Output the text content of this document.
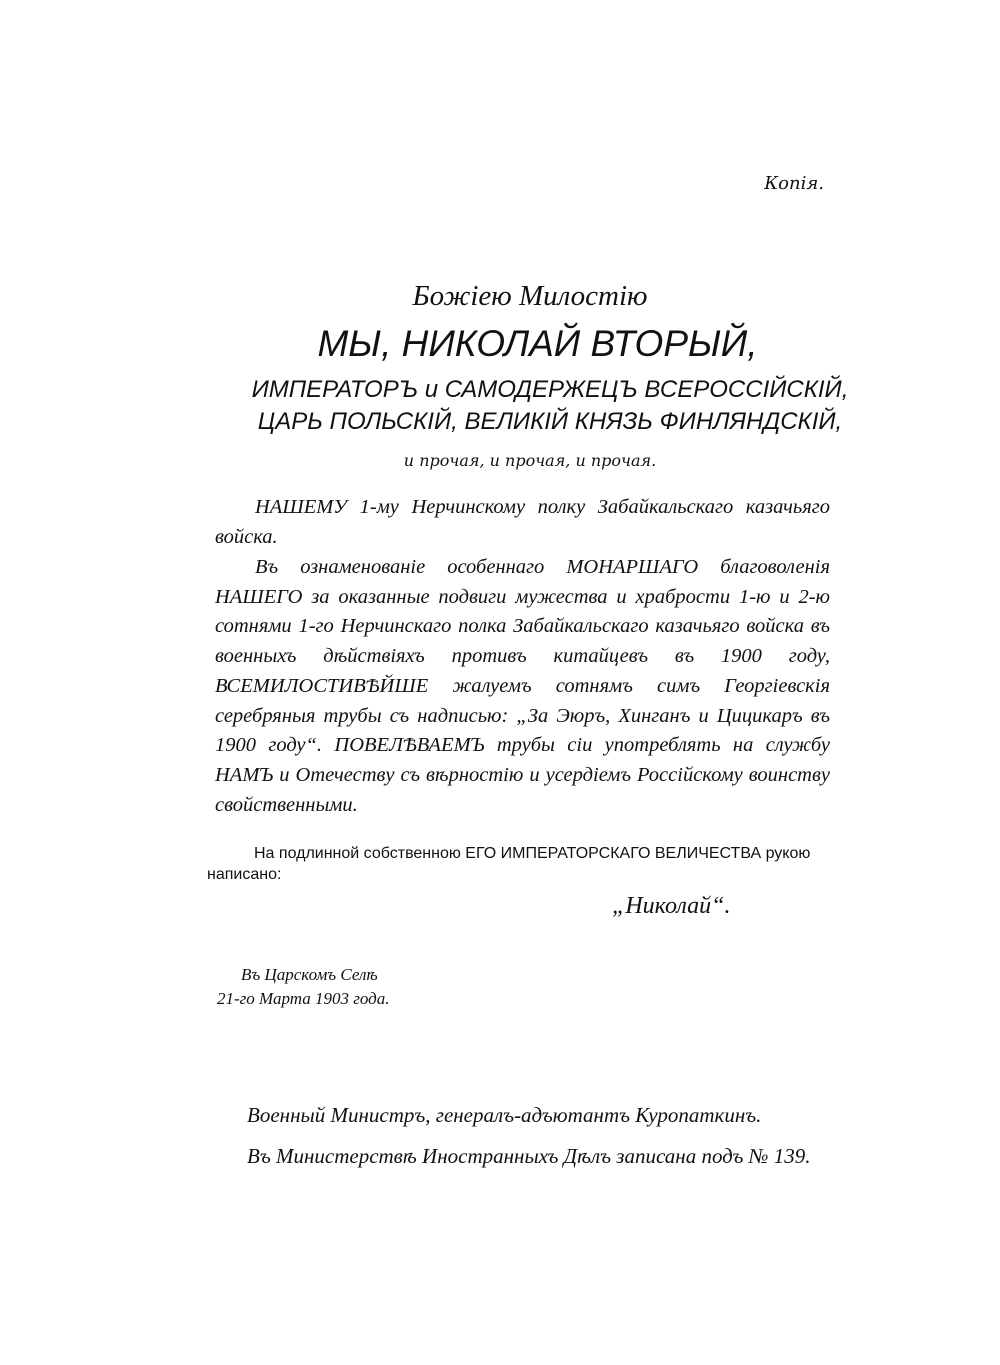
Копія.
Божіею Милостію
МЫ, НИКОЛАЙ ВТОРЫЙ,
ИМПЕРАТОРЪ и САМОДЕРЖЕЦЪ ВСЕРОССІЙСКІЙ,
ЦАРЬ ПОЛЬСКІЙ, ВЕЛИКІЙ КНЯЗЬ ФИНЛЯНДСКІЙ,
и прочая, и прочая, и прочая.

НАШЕМУ 1-му Нерчинскому полку Забайкальскаго казачьяго войска.

Въ ознаменованіе особеннаго МОНАРШАГО благоволенія НАШЕГО за оказанные подвиги мужества и храбрости 1-ю и 2-ю сотнями 1-го Нерчинскаго полка Забайкальскаго казачьяго войска въ военныхъ дѣйствіяхъ противъ китайцевъ въ 1900 году, ВСЕМИЛОСТИВѢЙШЕ жалуемъ сотнямъ симъ Георгіевскія серебряныя трубы съ надписью: „За Эюръ, Хинганъ и Цицикаръ въ 1900 году“. ПОВЕЛѢВАЕМЪ трубы сіи употреблять на службу НАМЪ и Отечеству съ вѣрностію и усердіемъ Россійскому воинству свойственными.

На подлинной собственною ЕГО ИМПЕРАТОРСКАГО ВЕЛИЧЕСТВА рукою написано:
„Николай“.
Въ Царскомъ Селѣ
21-го Марта 1903 года.
Военный Министръ, генералъ-адъютантъ Куропаткинъ.
Въ Министерствѣ Иностранныхъ Дѣлъ записана подъ № 139.
